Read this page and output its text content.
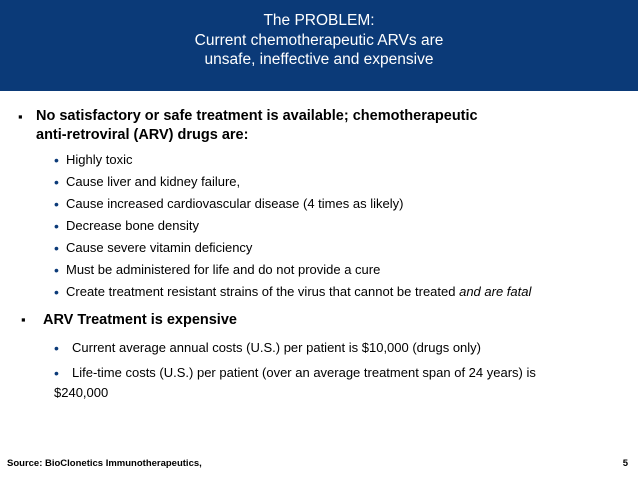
The PROBLEM:
Current chemotherapeutic ARVs are
unsafe, ineffective and expensive
▪ No satisfactory or safe treatment is available; chemotherapeutic
anti-retroviral (ARV) drugs are:
• Highly toxic
• Cause liver and kidney failure,
• Cause increased cardiovascular disease (4 times as likely)
• Decrease bone density
• Cause severe vitamin deficiency
• Must be administered for life and do not provide a cure
• Create treatment resistant strains of the virus that cannot be treated and are fatal
▪ ARV Treatment is expensive
• Current average annual costs (U.S.) per patient is $10,000 (drugs only)
• Life-time costs (U.S.) per patient (over an average treatment span of 24 years) is
$240,000
Source: BioClonetics Immunotherapeutics,	5
